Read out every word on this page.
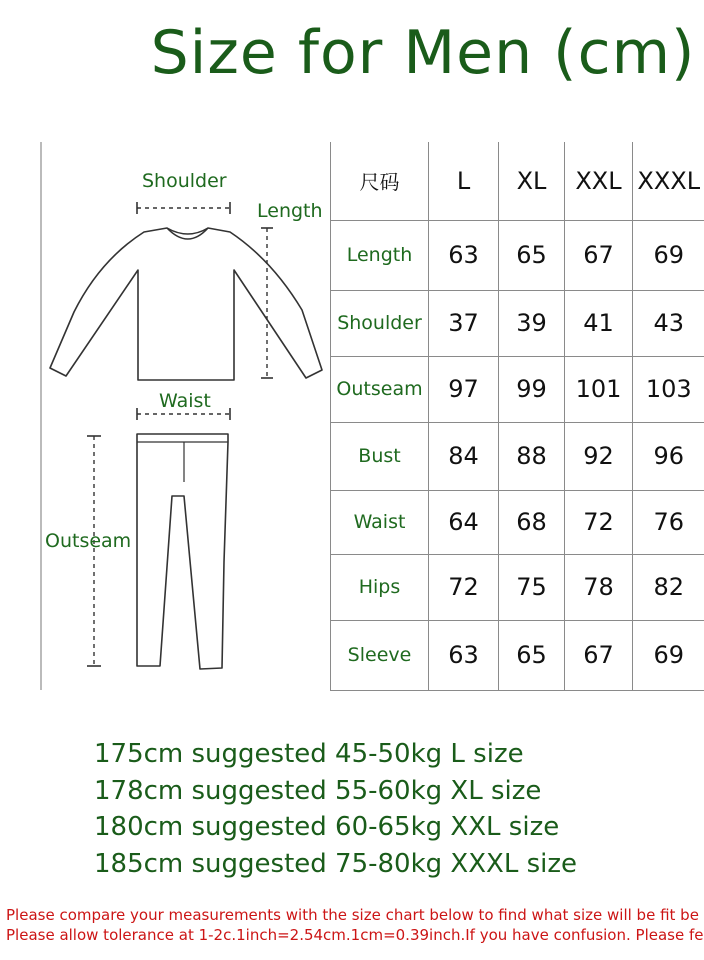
Size for Men (cm)
Shoulder
Length
Waist
Outseam
尺码	L	XL	XXL	XXXL
Length	63	65	67	69
Shoulder	37	39	41	43
Outseam	97	99	101	103
Bust	84	88	92	96
Waist	64	68	72	76
Hips	72	75	78	82
Sleeve	63	65	67	69
175cm suggested 45-50kg L size
178cm suggested 55-60kg XL size
180cm suggested 60-65kg XXL size
185cm suggested 75-80kg XXXL size
Please compare your measurements with the size chart below to find what size will be fit be
Please allow tolerance at 1-2c.1inch=2.54cm.1cm=0.39inch.If you have confusion. Please fe
